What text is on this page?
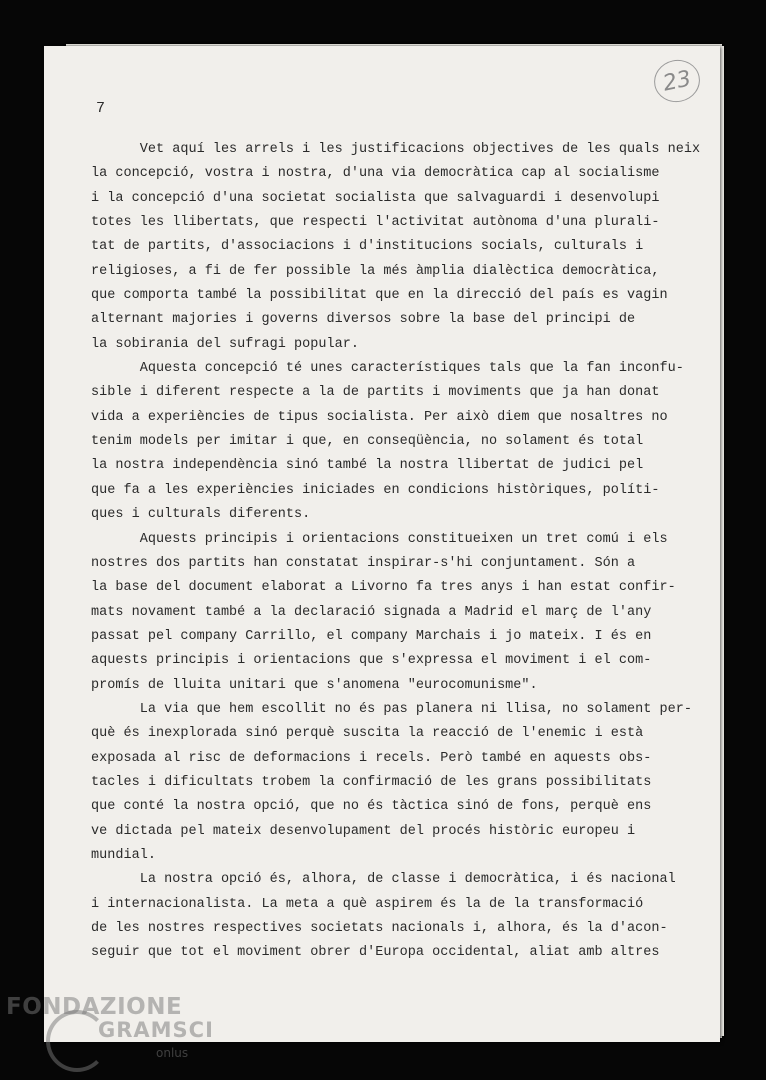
7
23
Vet aquí les arrels i les justificacions objectives de les quals neix
la concepció, vostra i nostra, d'una via democràtica cap al socialisme
i la concepció d'una societat socialista que salvaguardi i desenvolupi
totes les llibertats, que respecti l'activitat autònoma d'una plurali-
tat de partits, d'associacions i d'institucions socials, culturals i
religioses, a fi de fer possible la més àmplia dialèctica democràtica,
que comporta també la possibilitat que en la direcció del país es vagin
alternant majories i governs diversos sobre la base del principi de
la sobirania del sufragi popular.
Aquesta concepció té unes característiques tals que la fan inconfu-
sible i diferent respecte a la de partits i moviments que ja han donat
vida a experiències de tipus socialista. Per això diem que nosaltres no
tenim models per imitar i que, en conseqüència, no solament és total
la nostra independència sinó també la nostra llibertat de judici pel
que fa a les experiències iniciades en condicions històriques, políti-
ques i culturals diferents.
Aquests principis i orientacions constitueixen un tret comú i els
nostres dos partits han constatat inspirar-s'hi conjuntament. Són a
la base del document elaborat a Livorno fa tres anys i han estat confir-
mats novament també a la declaració signada a Madrid el març de l'any
passat pel company Carrillo, el company Marchais i jo mateix. I és en
aquests principis i orientacions que s'expressa el moviment i el com-
promís de lluita unitari que s'anomena "eurocomunisme".
La via que hem escollit no és pas planera ni llisa, no solament per-
què és inexplorada sinó perquè suscita la reacció de l'enemic i està
exposada al risc de deformacions i recels. Però també en aquests obs-
tacles i dificultats trobem la confirmació de les grans possibilitats
que conté la nostra opció, que no és tàctica sinó de fons, perquè ens
ve dictada pel mateix desenvolupament del procés històric europeu i
mundial.
La nostra opció és, alhora, de classe i democràtica, i és nacional
i internacionalista. La meta a què aspirem és la de la transformació
de les nostres respectives societats nacionals i, alhora, és la d'acon-
seguir que tot el moviment obrer d'Europa occidental, aliat amb altres
FONDAZIONE
GRAMSCI
onlus
